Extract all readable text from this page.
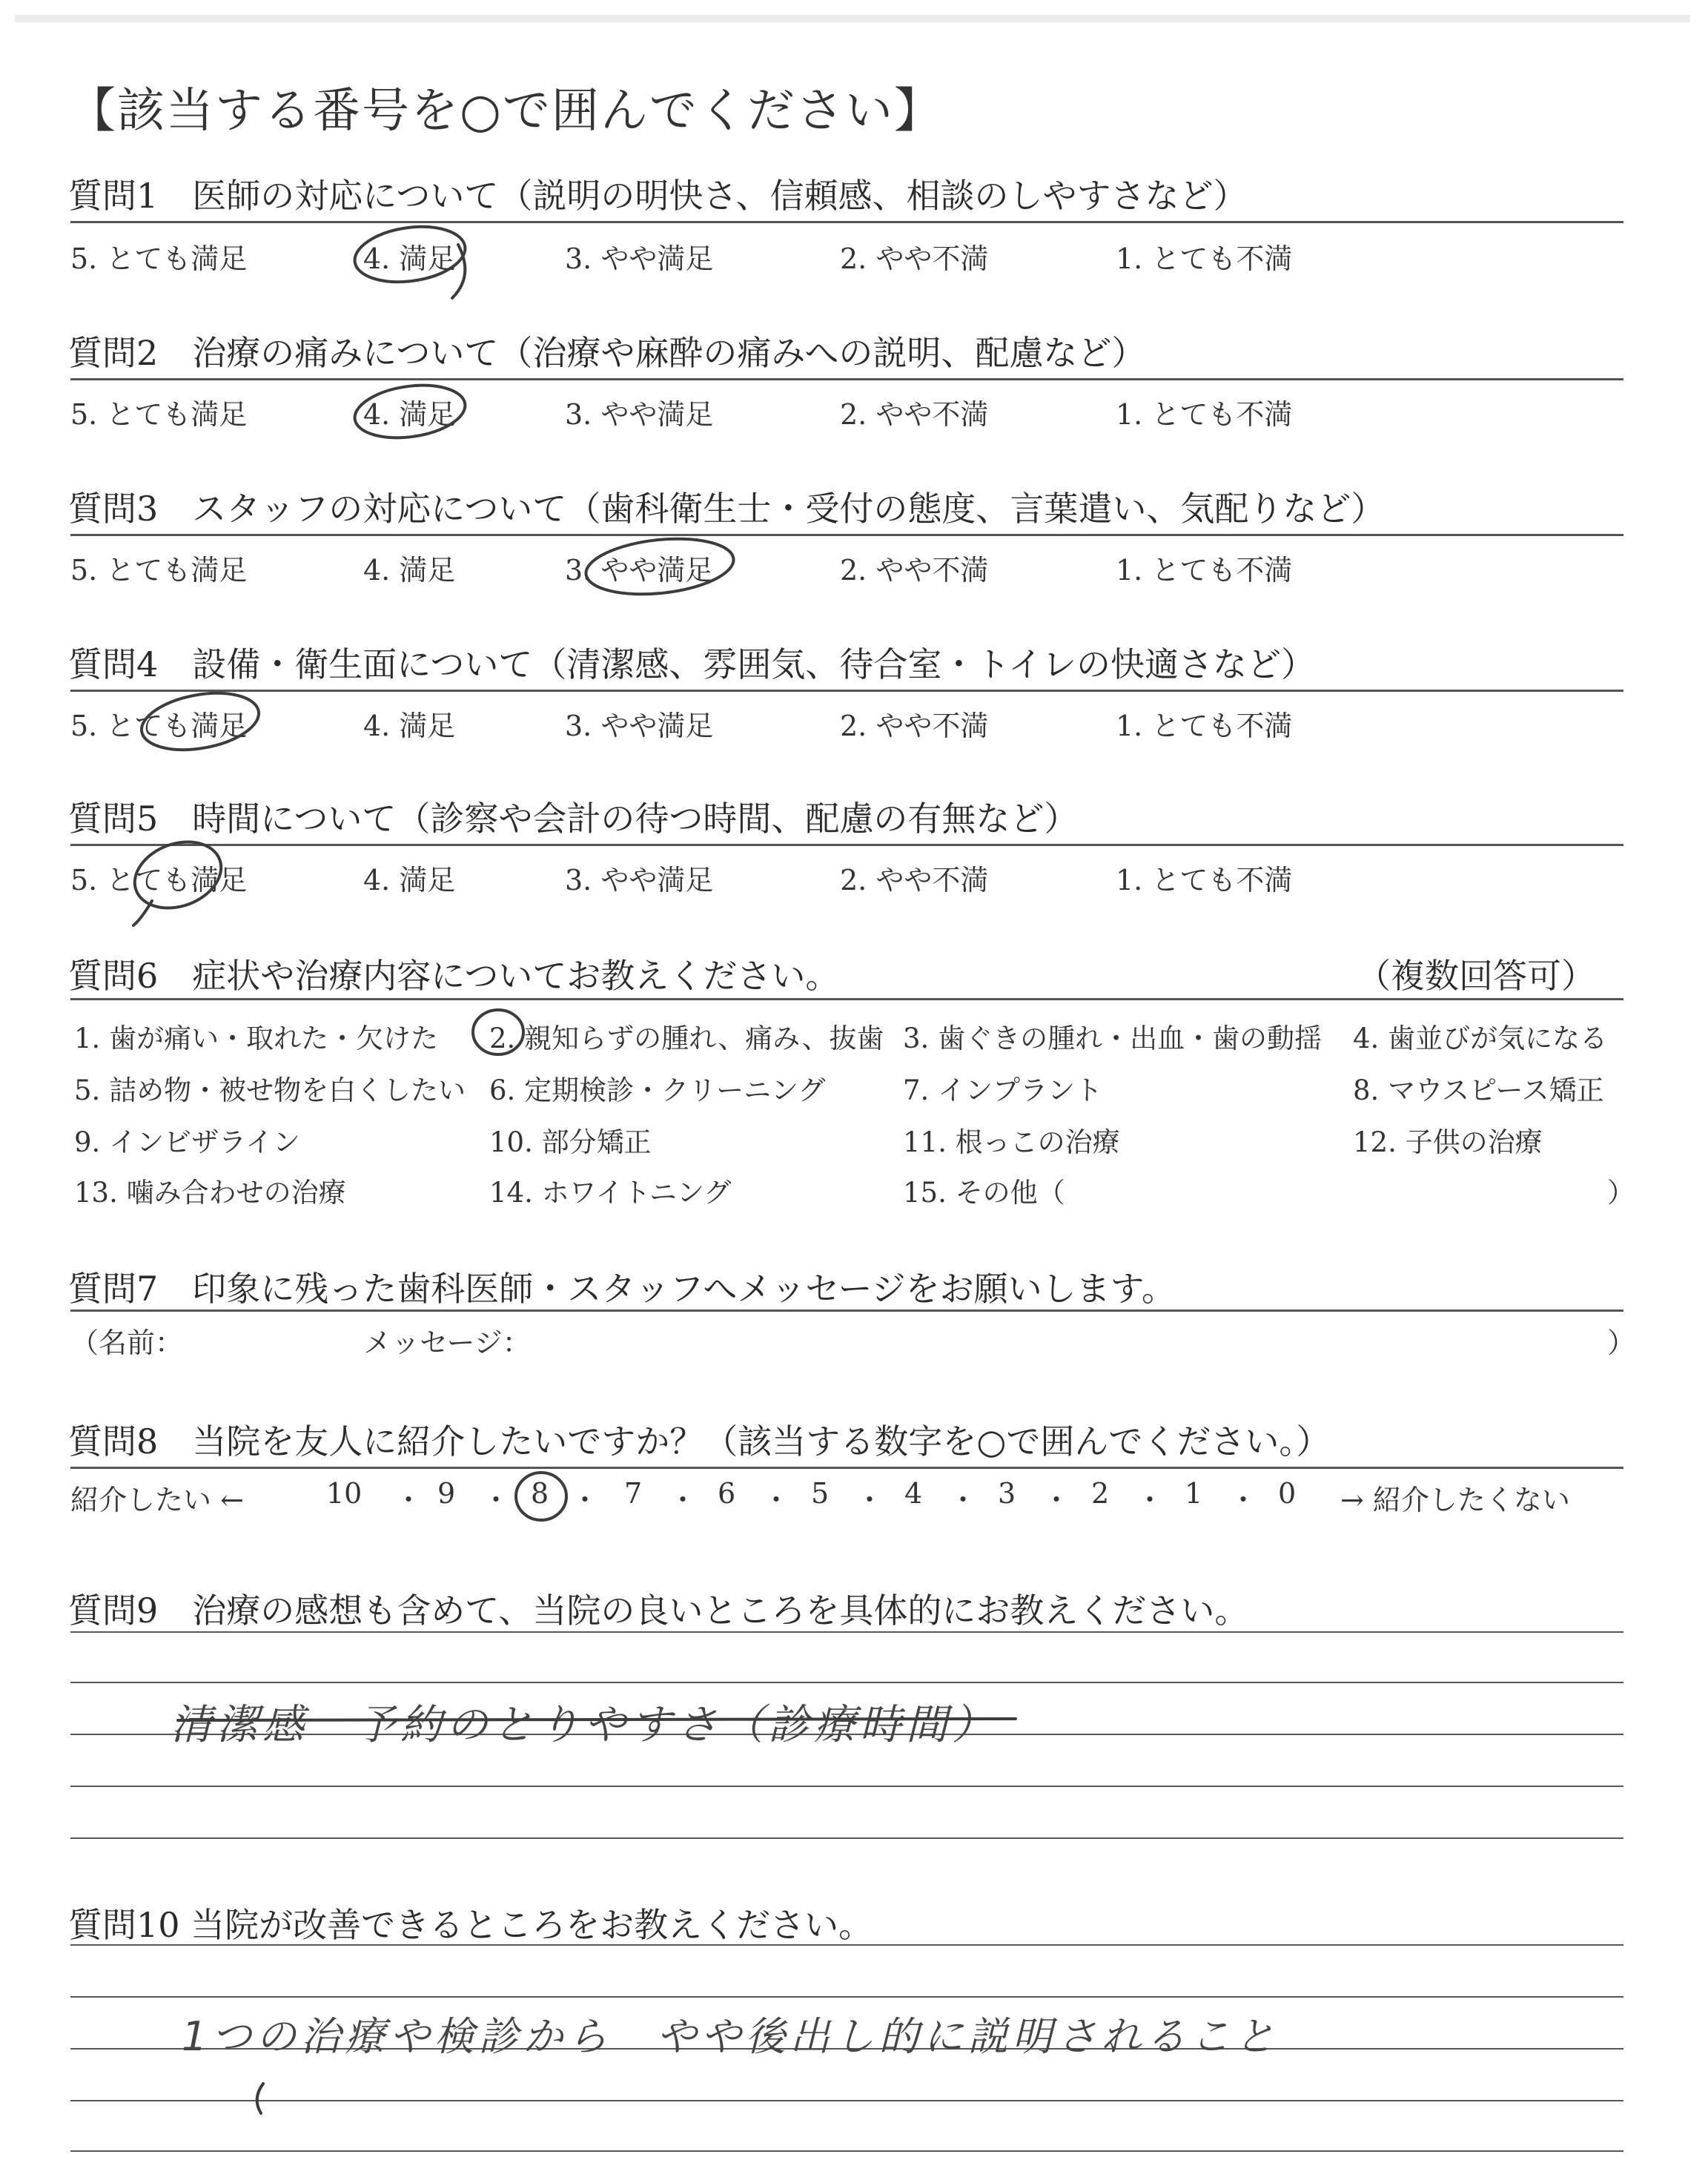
【該当する番号を○で囲んでください】
質問1　医師の対応について（説明の明快さ、信頼感、相談のしやすさなど）
5. とても満足	4. 満足	3. やや満足	2. やや不満	1. とても不満
質問2　治療の痛みについて（治療や麻酔の痛みへの説明、配慮など）
5. とても満足	4. 満足	3. やや満足	2. やや不満	1. とても不満
質問3　スタッフの対応について（歯科衛生士・受付の態度、言葉遣い、気配りなど）
5. とても満足	4. 満足	3. やや満足	2. やや不満	1. とても不満
質問4　設備・衛生面について（清潔感、雰囲気、待合室・トイレの快適さなど）
5. とても満足	4. 満足	3. やや満足	2. やや不満	1. とても不満
質問5　時間について（診察や会計の待つ時間、配慮の有無など）
5. とても満足	4. 満足	3. やや満足	2. やや不満	1. とても不満
質問6　症状や治療内容についてお教えください。	（複数回答可）
1. 歯が痛い・取れた・欠けた 2. 親知らずの腫れ、痛み、抜歯 3. 歯ぐきの腫れ・出血・歯の動揺 4. 歯並びが気になる
5. 詰め物・被せ物を白くしたい 6. 定期検診・クリーニング	7. インプラント	8. マウスピース矯正
9. インビザライン	10. 部分矯正	11. 根っこの治療	12. 子供の治療
13. 噛み合わせの治療	14. ホワイトニング	15. その他（	）
質問7　印象に残った歯科医師・スタッフへメッセージをお願いします。
（名前：	メッセージ：	）
質問8　当院を友人に紹介したいですか？（該当する数字を○で囲んでください。）
紹介したい ←	10 ・ 9 ・ 8 ・ 7 ・ 6 ・ 5 ・ 4 ・ 3 ・ 2 ・ 1 ・ 0 → 紹介したくない
質問9　治療の感想も含めて、当院の良いところを具体的にお教えください。
清潔感　予約のとりやすさ（診療時間）
質問10 当院が改善できるところをお教えください。
1つの治療や検診から　やや後出し的に説明されること
